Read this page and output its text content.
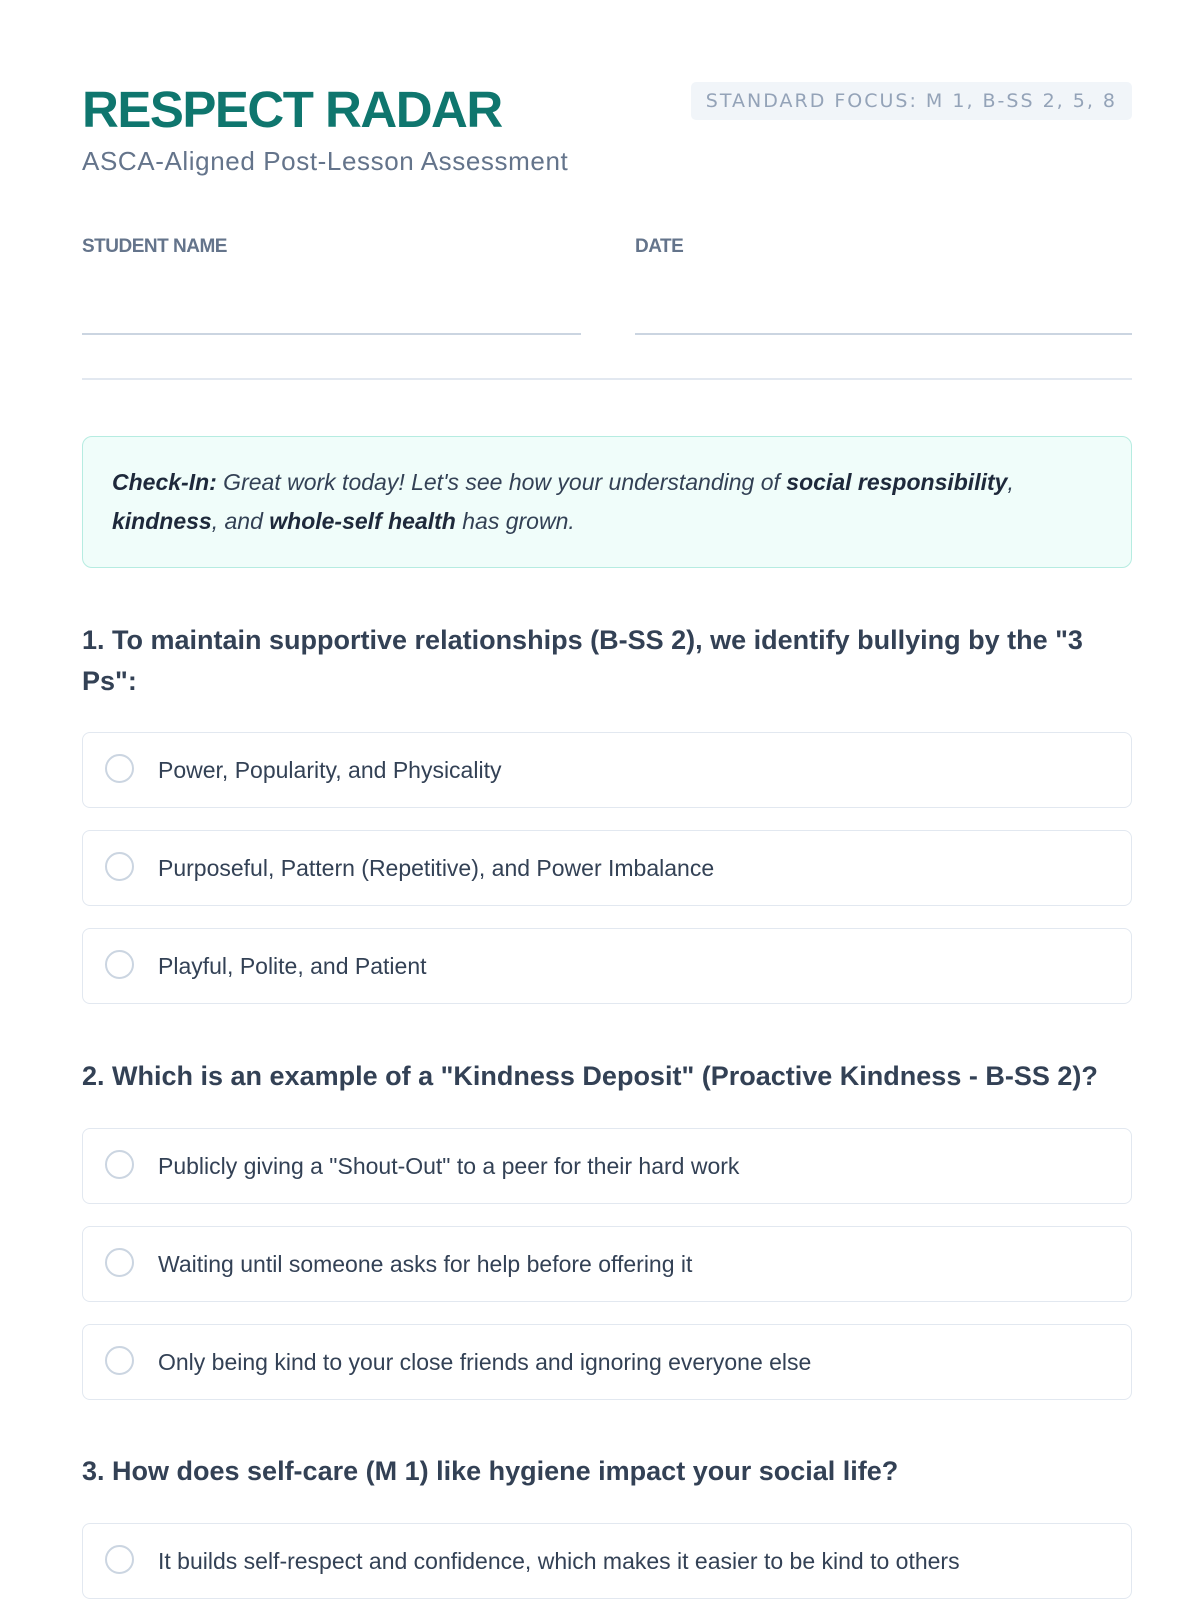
RESPECT RADAR

ASCA-Aligned Post-Lesson Assessment

STANDARD FOCUS: M 1, B-SS 2, 5, 8
STUDENT NAME	DATE
Check-In: Great work today! Let's see how your understanding of social responsibility, kindness, and whole-self health has grown.

1. To maintain supportive relationships (B-SS 2), we identify bullying by the "3 Ps":

Power, Popularity, and Physicality
Purposeful, Pattern (Repetitive), and Power Imbalance
Playful, Polite, and Patient

2. Which is an example of a "Kindness Deposit" (Proactive Kindness - B-SS 2)?

Publicly giving a "Shout-Out" to a peer for their hard work
Waiting until someone asks for help before offering it
Only being kind to your close friends and ignoring everyone else

3. How does self-care (M 1) like hygiene impact your social life?

It builds self-respect and confidence, which makes it easier to be kind to others
